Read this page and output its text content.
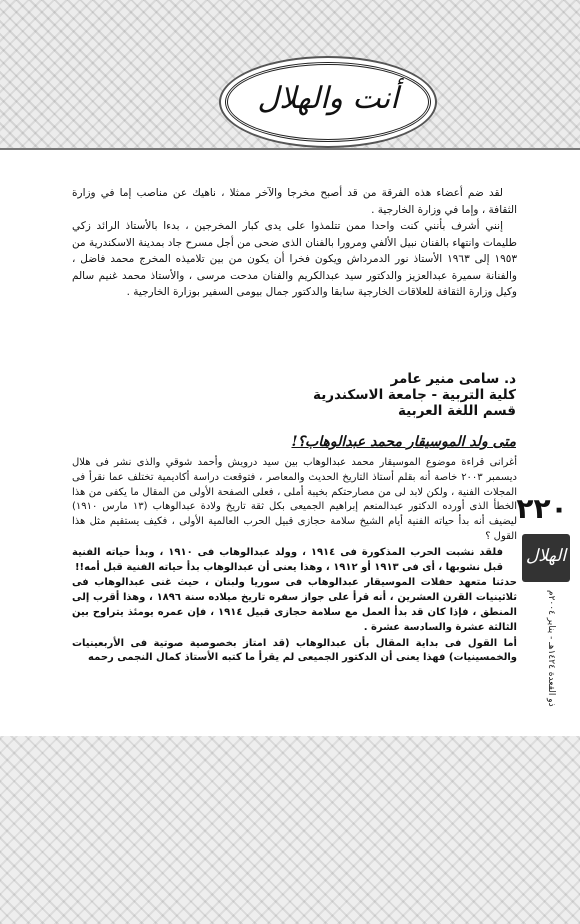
أنت والهلال

لقد ضم أعضاء هذه الفرقة من قد أصبح مخرجا والآخر ممثلا ، ناهيك عن مناصب إما في وزارة الثقافة ، وإما في وزارة الخارجية .

إنني أشرف بأنني كنت واحدا ممن تتلمذوا على يدى كبار المخرجين ، بدءا بالأستاذ الرائد زكي طليمات وانتهاء بالفنان نبيل الألفي ومرورا بالفنان الذى ضحى من أجل مسرح جاد بمدينة الاسكندرية من ١٩٥٣ إلى ١٩٦٣ الأستاذ نور الدمرداش ويكون فخرا أن يكون من بين تلاميذه المخرج محمد فاضل ، والفنانة سميرة عبدالعزيز والدكتور سيد عبدالكريم والفنان مدحت مرسى ، والأستاذ محمد غنيم سالم وكيل وزارة الثقافة للعلاقات الخارجية سابقا والدكتور جمال بيومى السفير بوزارة الخارجية .

د. سامى منير عامر
كلية التربية - جامعة الاسكندرية
قسم اللغة العربية
متى ولد الموسيقار محمد عبدالوهاب؟!

أغرانى قراءة موضوع الموسيقار محمد عبدالوهاب بين سيد درويش وأحمد شوقي والذى نشر فى هلال ديسمبر ٢٠٠٣ خاصة أنه بقلم أستاذ التاريخ الحديث والمعاصر ، فتوقعت دراسة أكاديمية تختلف عما نقرأ فى المجلات الفنية ، ولكن لابد لى من مصارحتكم بخيبة أملى ، فعلى الصفحة الأولى من المقال ما يكفى من هذا الخطأ الذى أورده الدكتور عبدالمنعم إبراهيم الجميعى بكل ثقة تاريخ ولادة عبدالوهاب (١٣ مارس ١٩١٠) ليضيف أنه بدأ حياته الفنية أيام الشيخ سلامة حجازى قبيل الحرب العالمية الأولى ، فكيف يستقيم مثل هذا القول ؟

فلقد نشبت الحرب المذكورة فى ١٩١٤ ، وولد عبدالوهاب فى ١٩١٠ ، وبدأ حياته الفنية قبل نشوبها ، أى فى ١٩١٣ أو ١٩١٢ ، وهذا يعنى أن عبدالوهاب بدأ حياته الفنية قبل أمه!!

حدثنا متعهد حفلات الموسيقار عبدالوهاب فى سوريا ولبنان ، حيث غنى عبدالوهاب فى ثلاثينيات القرن العشرين ، أنه قرأ على جواز سفره تاريخ ميلاده سنة ١٨٩٦ ، وهذا أقرب إلى المنطق ، فإذا كان قد بدأ العمل مع سلامة حجازى قبيل ١٩١٤ ، فإن عمره يومئذ يتراوح بين الثالثة عشرة والسادسة عشرة .

أما القول فى بداية المقال بأن عبدالوهاب (قد امتاز بخصوصية صوتية فى الأربعينيات والخمسينيات) فهذا يعنى أن الدكتور الجميعى لم يقرأ ما كتبه الأستاذ كمال النجمى رحمه

٢٢٠
الهلال
ذو القعدة ١٤٢٤هـ - يناير ٢٠٠٤م
